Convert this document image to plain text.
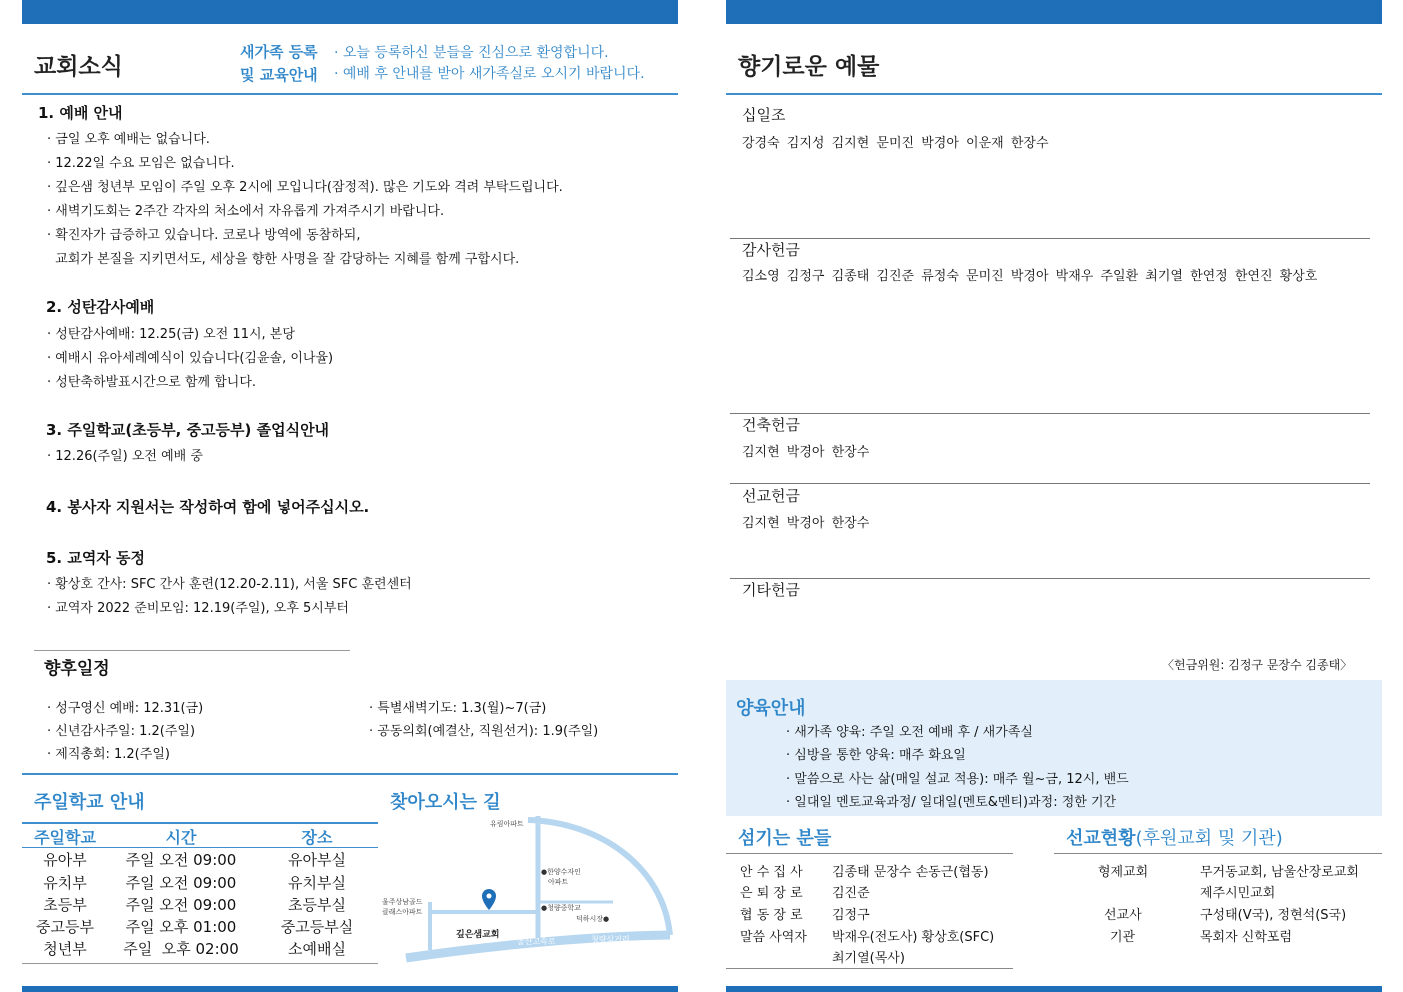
교회소식
새가족 등록
및 교육안내
· 오늘 등록하신 분들을 진심으로 환영합니다.
· 예배 후 안내를 받아 새가족실로 오시기 바랍니다.
1. 예배 안내
· 금일 오후 예배는 없습니다.
· 12.22일 수요 모임은 없습니다.
· 깊은샘 청년부 모임이 주일 오후 2시에 모입니다(잠정적). 많은 기도와 격려 부탁드립니다.
· 새벽기도회는 2주간 각자의 처소에서 자유롭게 가져주시기 바랍니다.
· 확진자가 급증하고 있습니다. 코로나 방역에 동참하되,
교회가 본질을 지키면서도, 세상을 향한 사명을 잘 감당하는 지혜를 함께 구합시다.
2. 성탄감사예배
· 성탄감사예배: 12.25(금) 오전 11시, 본당
· 예배시 유아세례예식이 있습니다(김윤솔, 이나율)
· 성탄축하발표시간으로 함께 합니다.
3. 주일학교(초등부, 중고등부) 졸업식안내
· 12.26(주일) 오전 예배 중
4. 봉사자 지원서는 작성하여 함에 넣어주십시오.
5. 교역자 동정
· 황상호 간사: SFC 간사 훈련(12.20-2.11), 서울 SFC 훈련센터
· 교역자 2022 준비모임: 12.19(주일), 오후 5시부터
향후일정
· 성구영신 예배: 12.31(금)
· 신년감사주일: 1.2(주일)
· 제직총회: 1.2(주일)
· 특별새벽기도: 1.3(월)~7(금)
· 공동의회(예결산, 직원선거): 1.9(주일)
주일학교 안내
주일학교	시간	장소
유아부	주일 오전 09:00	유아부실
유치부	주일 오전 09:00	유치부실
초등부	주일 오전 09:00	초등부실
중고등부	주일 오후 01:00	중고등부실
청년부	주일  오후 02:00	소예배실
찾아오시는 길
유림아파트
●한양수자인
아파트
울주상남골드
클래스아파트	●청량중학교
덕하시장●
깊은샘교회
울산고속로	청량삼거리
향기로운 예물
십일조
강경숙 김지성 김지현 문미진 박경아 이운재 한장수
감사헌금
김소영 김정구 김종태 김진준 류정숙 문미진 박경아 박재우 주일환 최기열 한연정 한연진 황상호
건축헌금
김지현 박경아 한장수
선교헌금
김지현 박경아 한장수
기타헌금
〈헌금위원: 김정구 문장수 김종태〉
양육안내
· 새가족 양육: 주일 오전 예배 후 / 새가족실
· 심방을 통한 양육: 매주 화요일
· 말씀으로 사는 삶(매일 설교 적용): 매주 월~금, 12시, 밴드
· 일대일 멘토교육과정/ 일대일(멘토&멘티)과정: 정한 기간
섬기는 분들
안 수 집 사 김종태 문장수 손동근(협동)
은 퇴 장 로 김진준
협 동 장 로 김정구
말씀 사역자 박재우(전도사) 황상호(SFC)
최기열(목사)
선교현황(후원교회 및 기관)
형제교회	무거동교회, 남울산장로교회
제주시민교회
선교사	구성태(V국), 정현석(S국)
기관	목회자 신학포럼
